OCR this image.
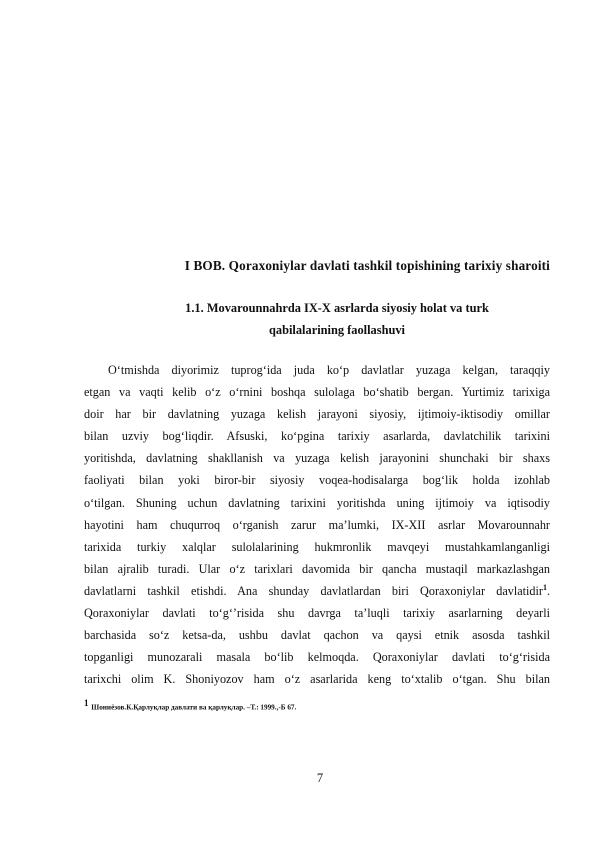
I BOB. Qoraxoniylar davlati tashkil topishining tarixiy sharoiti
1.1. Movarounnahrda IX-X asrlarda siyosiy holat va turk
qabilalarining faollashuvi
O‘tmishda diyorimiz tuprog‘ida juda ko‘p davlatlar yuzaga kelgan, taraqqiy
etgan va vaqti kelib o‘z o‘rnini boshqa sulolaga bo‘shatib bergan. Yurtimiz tarixiga
doir har bir davlatning yuzaga kelish jarayoni siyosiy, ijtimoiy-iktisodiy omillar
bilan uzviy bog‘liqdir. Afsuski, ko‘pgina tarixiy asarlarda, davlatchilik tarixini
yoritishda, davlatning shakllanish va yuzaga kelish jarayonini shunchaki bir shaxs
faoliyati bilan yoki biror-bir siyosiy voqea-hodisalarga bog‘lik holda izohlab
o‘tilgan. Shuning uchun davlatning tarixini yoritishda uning ijtimoiy va iqtisodiy
hayotini ham chuqurroq o‘rganish zarur ma’lumki, IX-XII asrlar Movarounnahr
tarixida turkiy xalqlar sulolalarining hukmronlik mavqeyi mustahkamlanganligi
bilan ajralib turadi. Ular o‘z tarixlari davomida bir qancha mustaqil markazlashgan
davlatlarni tashkil etishdi. Ana shunday davlatlardan biri Qoraxoniylar davlatidir$^1$.
Qoraxoniylar davlati to‘g‘’risida shu davrga ta’luqli tarixiy asarlarning deyarli
barchasida so‘z ketsa-da, ushbu davlat qachon va qaysi etnik asosda tashkil
topganligi munozarali masala bo‘lib kelmoqda. Qoraxoniylar davlati to‘g‘risida
tarixchi olim K. Shoniyozov ham o‘z asarlarida keng to‘xtalib o‘tgan. Shu bilan
1 Шониёзов.К.Қарлуқлар давлати ва қарлуқлар. –Т.: 1999.,-Б 67.
7
